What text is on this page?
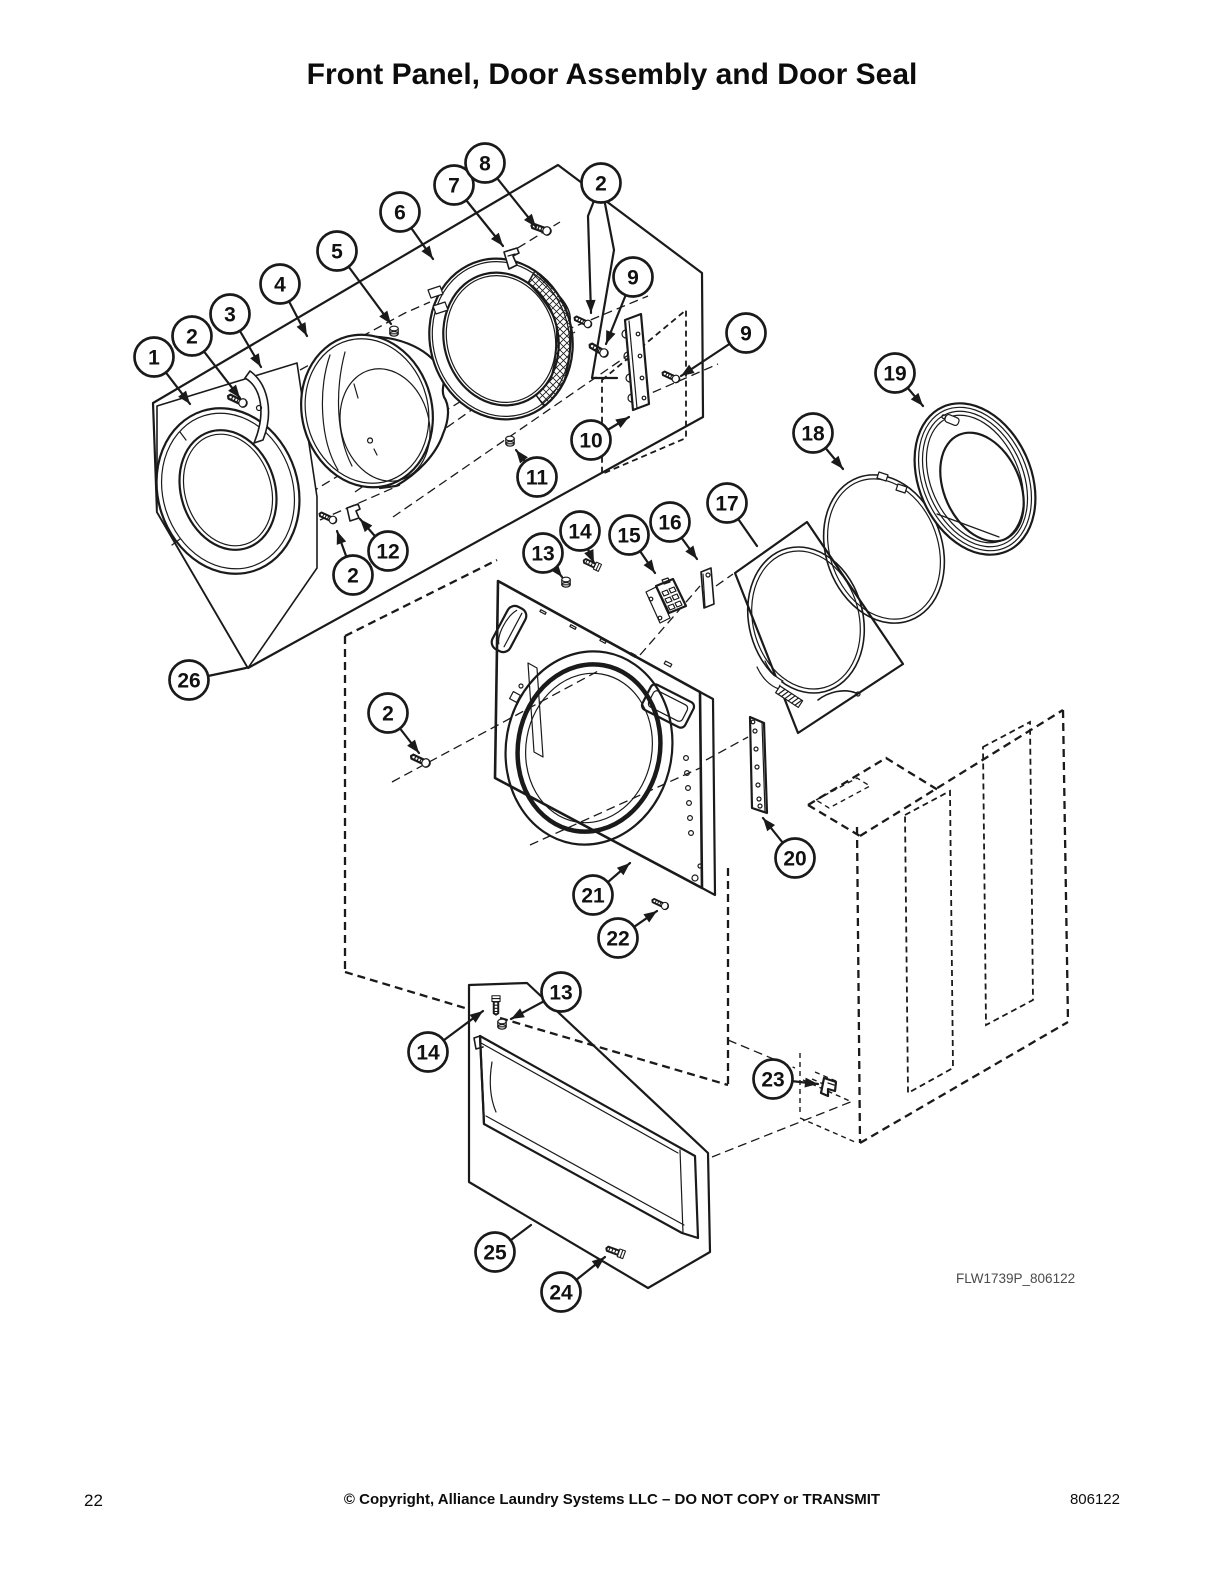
Front Panel, Door Assembly and Door Seal
1
2
3
4
5
6
7
8
2
9
9
10
11
12
2
26
13
14 15
16
17
18
19
2
20
21
22
13
14
23
25
24
FLW1739P_806122
22	© Copyright, Alliance Laundry Systems LLC – DO NOT COPY or TRANSMIT	806122
